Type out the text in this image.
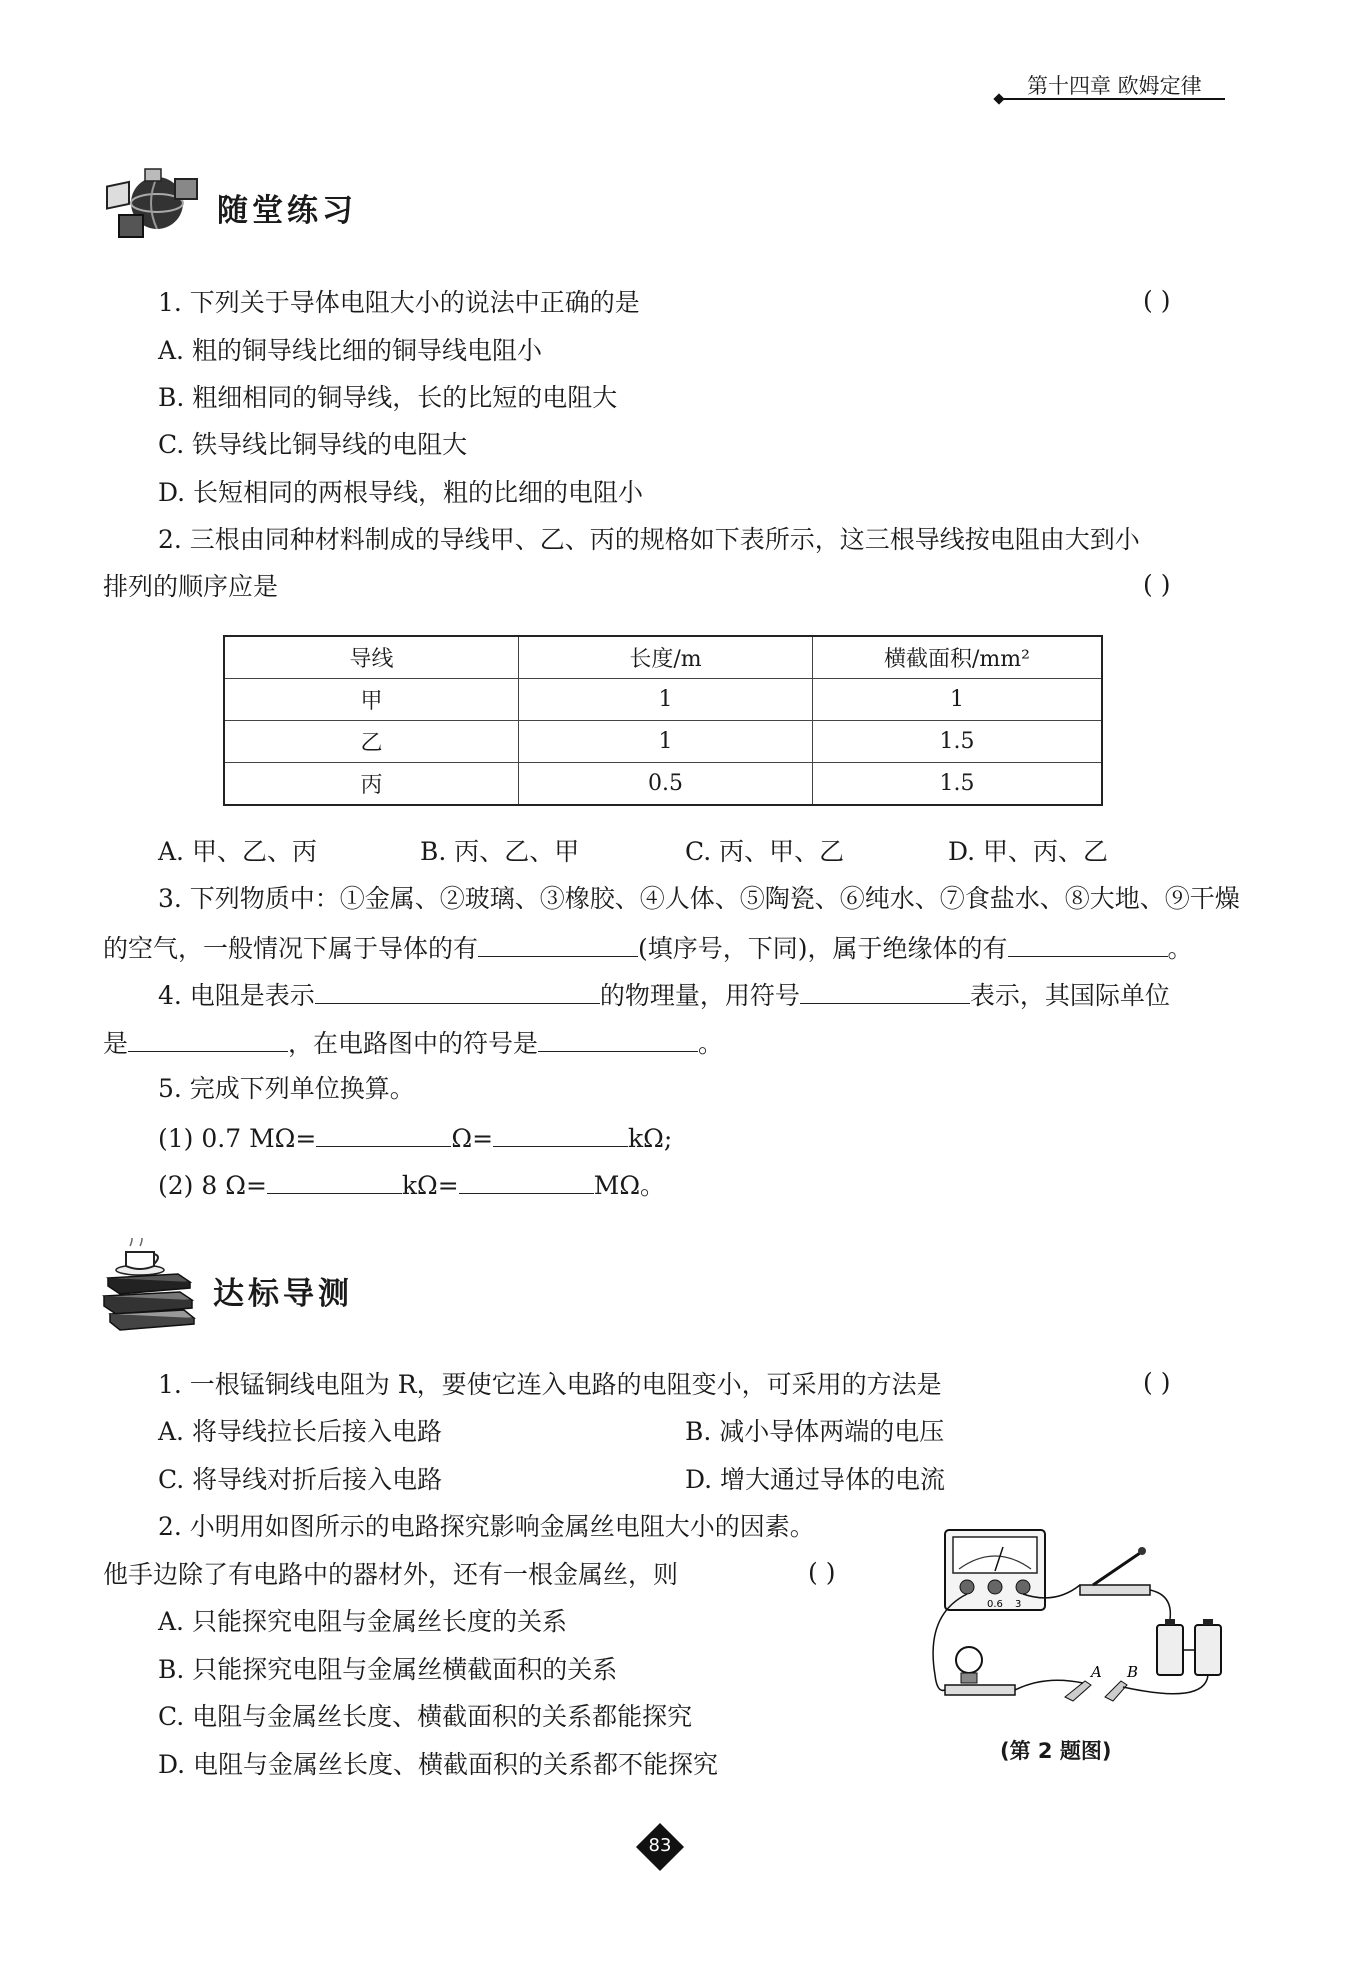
第十四章 欧姆定律
随堂练习
1. 下列关于导体电阻大小的说法中正确的是	( )
A. 粗的铜导线比细的铜导线电阻小
B. 粗细相同的铜导线，长的比短的电阻大
C. 铁导线比铜导线的电阻大
D. 长短相同的两根导线，粗的比细的电阻小
2. 三根由同种材料制成的导线甲、乙、丙的规格如下表所示，这三根导线按电阻由大到小
排列的顺序应是	( )
导线	长度/m	横截面积/mm²
甲	1	1
乙	1	1.5
丙	0.5	1.5
A. 甲、乙、丙	B. 丙、乙、甲	C. 丙、甲、乙	D. 甲、丙、乙
3. 下列物质中：①金属、②玻璃、③橡胶、④人体、⑤陶瓷、⑥纯水、⑦食盐水、⑧大地、⑨干燥
的空气，一般情况下属于导体的有	(填序号，下同)，属于绝缘体的有	。
4. 电阻是表示	的物理量，用符号	表示，其国际单位
是	，在电路图中的符号是	。
5. 完成下列单位换算。
(1) 0.7 MΩ=	Ω=	kΩ;
(2) 8 Ω=	kΩ=	MΩ。
达标导测
1. 一根锰铜线电阻为 R，要使它连入电路的电阻变小，可采用的方法是	( )
A. 将导线拉长后接入电路	B. 减小导体两端的电压
C. 将导线对折后接入电路	D. 增大通过导体的电流
2. 小明用如图所示的电路探究影响金属丝电阻大小的因素。
他手边除了有电路中的器材外，还有一根金属丝，则	( )
A. 只能探究电阻与金属丝长度的关系
B. 只能探究电阻与金属丝横截面积的关系
C. 电阻与金属丝长度、横截面积的关系都能探究
D. 电阻与金属丝长度、横截面积的关系都不能探究
0.6 3
A B
(第 2 题图)
83
